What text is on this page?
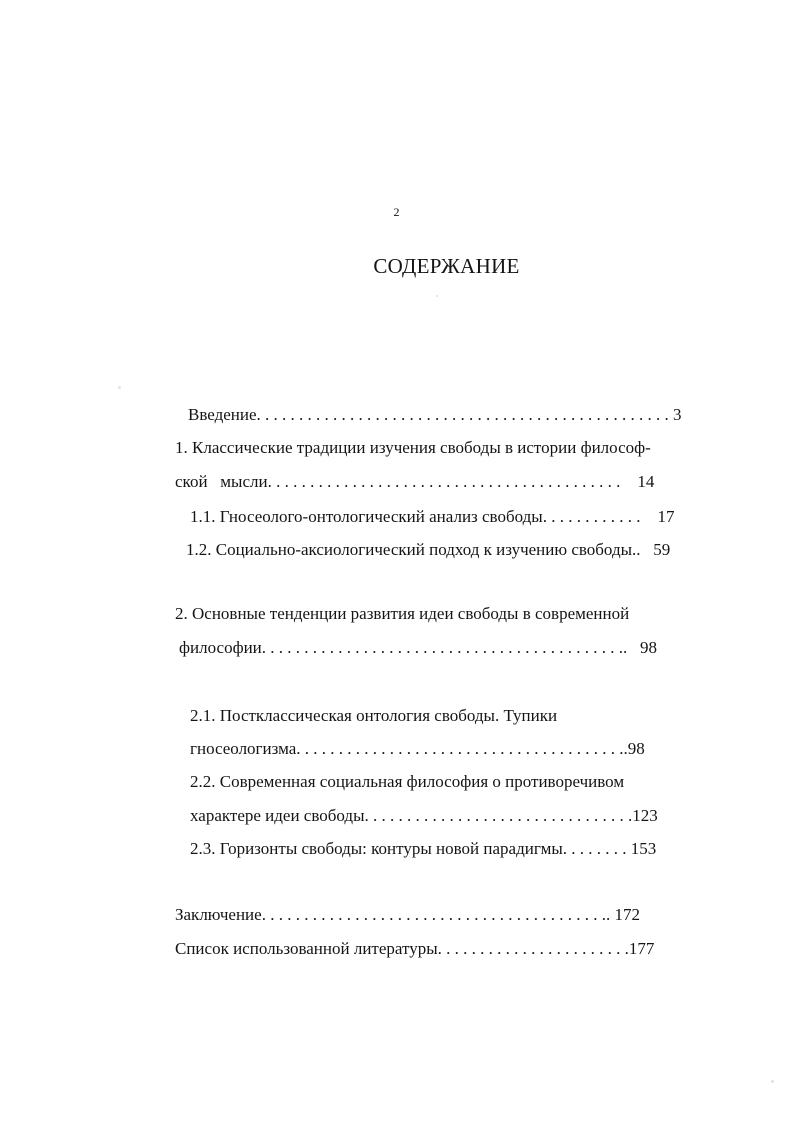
2
СОДЕРЖАНИЕ
Введение. . . . . . . . . . . . . . . . . . . . . . . . . . . . . . . . . . . . . . . . . . . . . . . . . 3
1. Классические традиции изучения свободы в истории философ-
ской   мысли. . . . . . . . . . . . . . . . . . . . . . . . . . . . . . . . . . . . . . . . . .    14
1.1. Гносеолого-онтологический анализ свободы. . . . . . . . . . . .    17
1.2. Социально-аксиологический подход к изучению свободы..   59
2. Основные тенденции развития идеи свободы в современной
философии. . . . . . . . . . . . . . . . . . . . . . . . . . . . . . . . . . . . . . . . . . ..   98
2.1. Постклассическая онтология свободы. Тупики
гносеологизма. . . . . . . . . . . . . . . . . . . . . . . . . . . . . . . . . . . . . . ..98
2.2. Современная социальная философия о противоречивом
характере идеи свободы. . . . . . . . . . . . . . . . . . . . . . . . . . . . . . . .123
2.3. Горизонты свободы: контуры новой парадигмы. . . . . . . . 153
Заключение. . . . . . . . . . . . . . . . . . . . . . . . . . . . . . . . . . . . . . . . .. 172
Список использованной литературы. . . . . . . . . . . . . . . . . . . . . . .177
